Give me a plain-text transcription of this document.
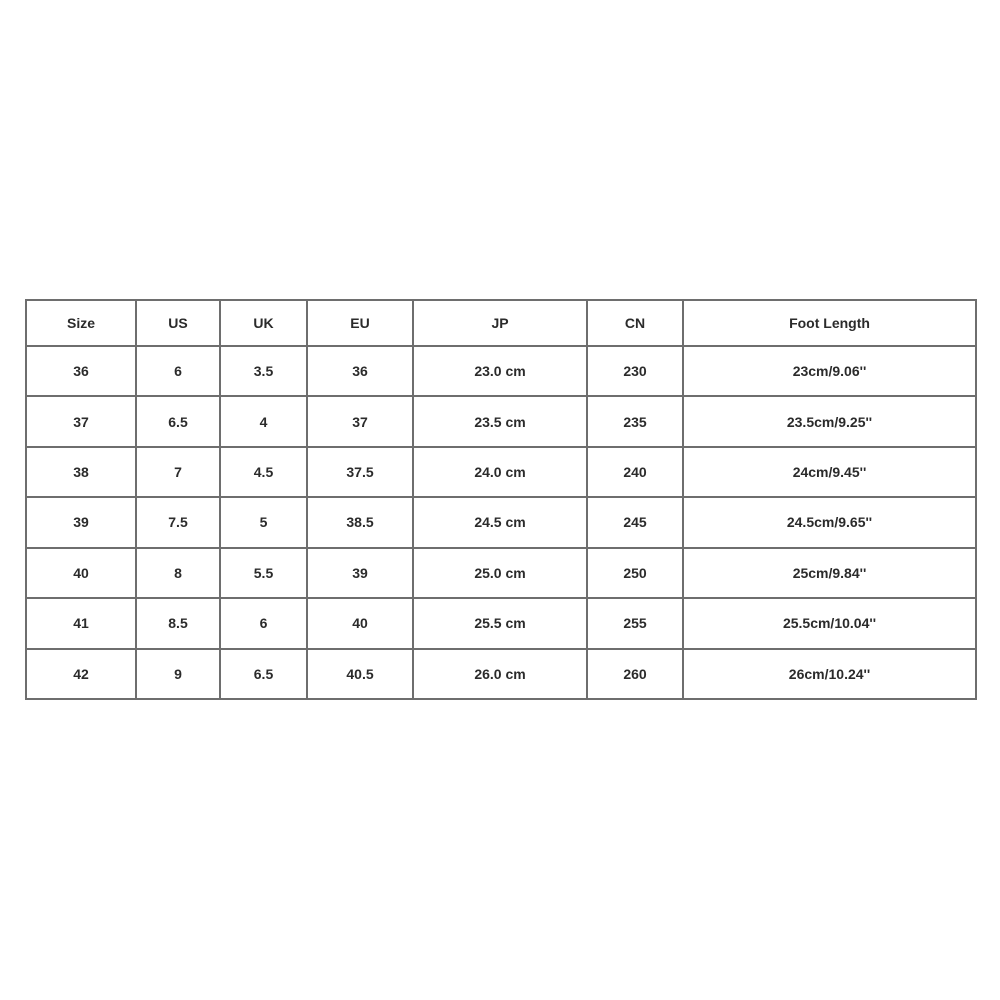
Size	US	UK	EU	JP	CN	Foot Length
36	6	3.5	36	23.0 cm	230	23cm/9.06''
37	6.5	4	37	23.5 cm	235	23.5cm/9.25''
38	7	4.5	37.5	24.0 cm	240	24cm/9.45''
39	7.5	5	38.5	24.5 cm	245	24.5cm/9.65''
40	8	5.5	39	25.0 cm	250	25cm/9.84''
41	8.5	6	40	25.5 cm	255	25.5cm/10.04''
42	9	6.5	40.5	26.0 cm	260	26cm/10.24''
